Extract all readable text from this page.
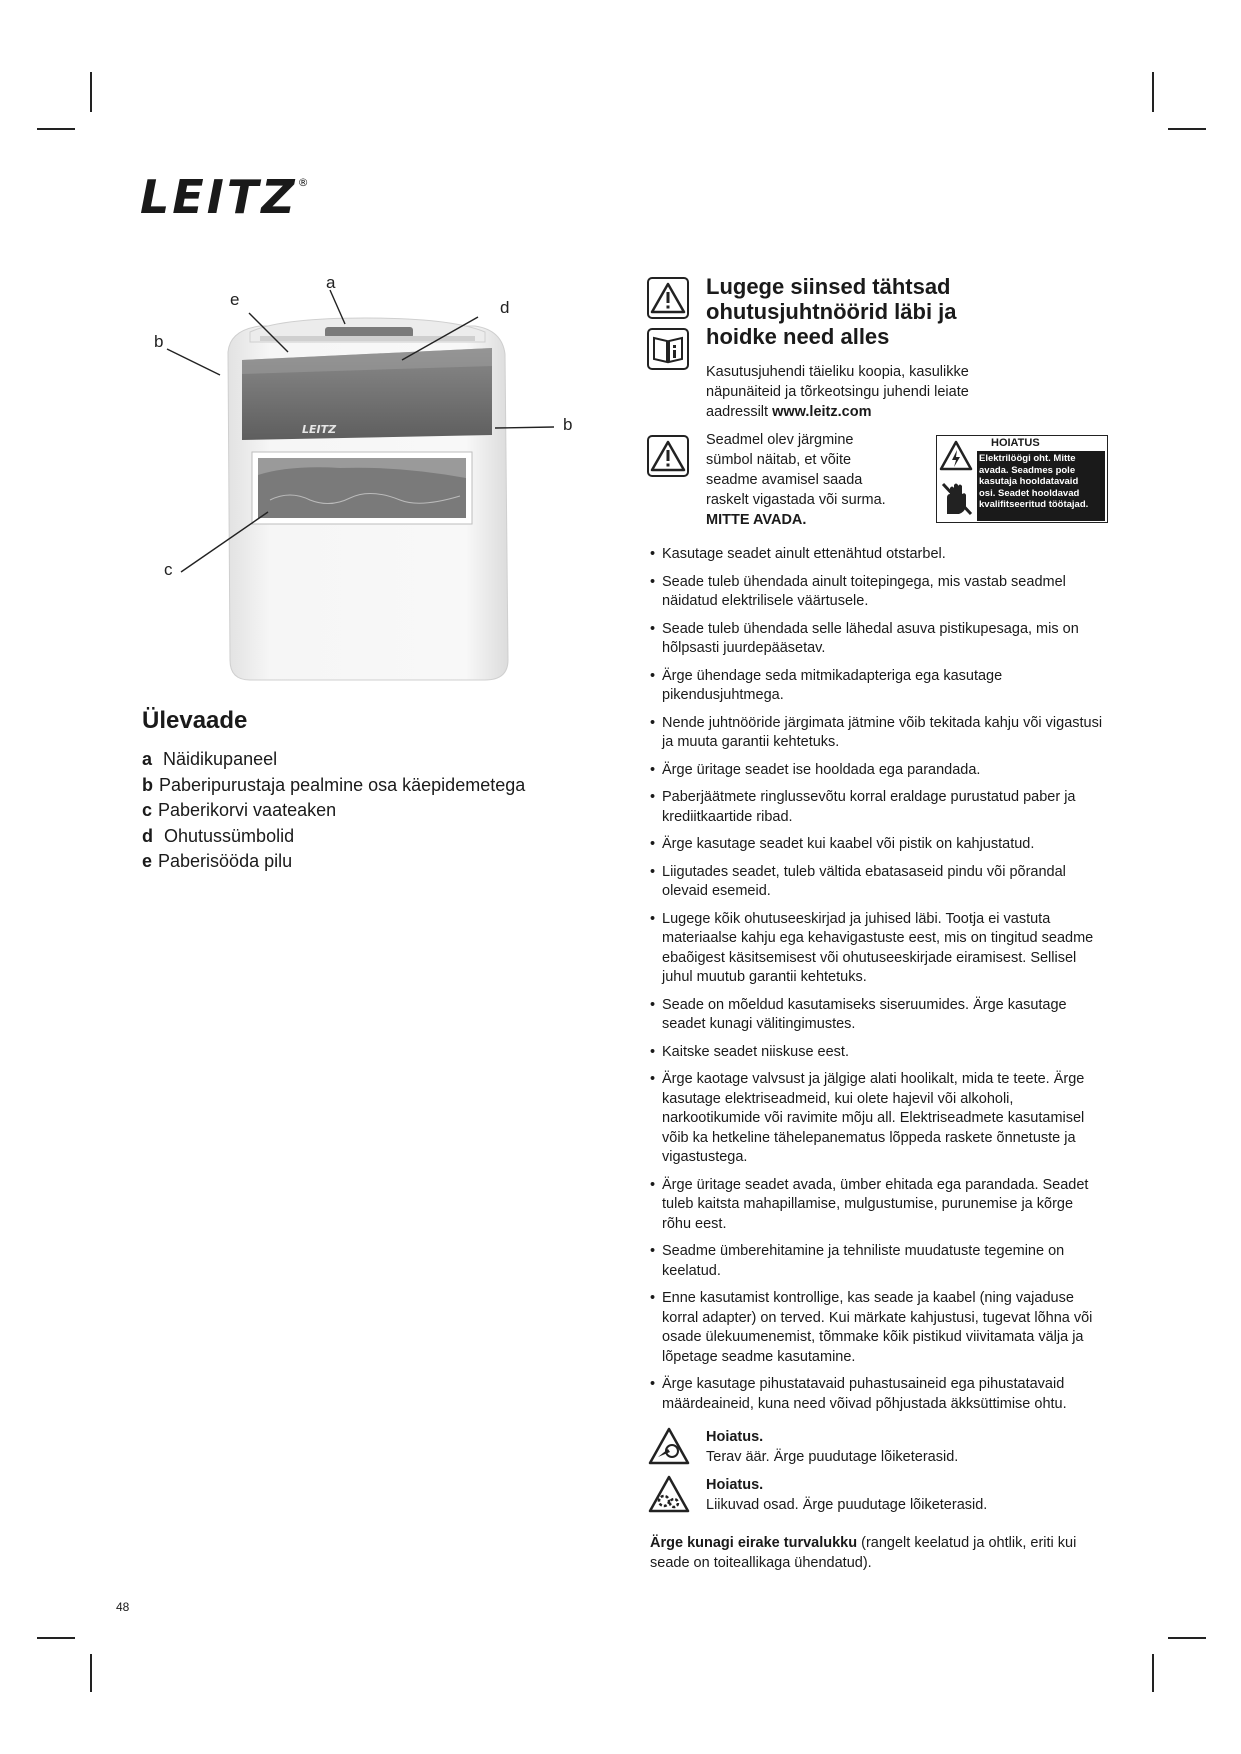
LEITZ®
LEITZ
a
e	d
b
b
c
Ülevaade
a Näidikupaneel
b Paberipurustaja pealmine osa käepidemetega
c Paberikorvi vaateaken
d Ohutussümbolid
e Paberisööda pilu
Lugege siinsed tähtsad
ohutusjuhtnöörid läbi ja
hoidke need alles
Kasutusjuhendi täieliku koopia, kasulikke
näpunäiteid ja tõrkeotsingu juhendi leiate
aadressilt www.leitz.com
Seadmel olev järgmine
sümbol näitab, et võite
seadme avamisel saada
raskelt vigastada või surma.
MITTE AVADA.
HOIATUS
Elektrilöögi oht. Mitte
avada. Seadmes pole
kasutaja hooldatavaid
osi. Seadet hooldavad
kvalifitseeritud töötajad.
• Kasutage seadet ainult ettenähtud otstarbel.
• Seade tuleb ühendada ainult toitepingega, mis vastab seadmel näidatud elektrilisele väärtusele.
• Seade tuleb ühendada selle lähedal asuva pistikupesaga, mis on hõlpsasti juurdepääsetav.
• Ärge ühendage seda mitmikadapteriga ega kasutage pikendusjuhtmega.
• Nende juhtnööride järgimata jätmine võib tekitada kahju või vigastusi ja muuta garantii kehtetuks.
• Ärge üritage seadet ise hooldada ega parandada.
• Paberjäätmete ringlussevõtu korral eraldage purustatud paber ja krediitkaartide ribad.
• Ärge kasutage seadet kui kaabel või pistik on kahjustatud.
• Liigutades seadet, tuleb vältida ebatasaseid pindu või põrandal olevaid esemeid.
• Lugege kõik ohutuseeskirjad ja juhised läbi. Tootja ei vastuta materiaalse kahju ega kehavigastuste eest, mis on tingitud seadme ebaõigest käsitsemisest või ohutuseeskirjade eiramisest. Sellisel juhul muutub garantii kehtetuks.
• Seade on mõeldud kasutamiseks siseruumides. Ärge kasutage seadet kunagi välitingimustes.
• Kaitske seadet niiskuse eest.
• Ärge kaotage valvsust ja jälgige alati hoolikalt, mida te teete. Ärge kasutage elektriseadmeid, kui olete hajevil või alkoholi, narkootikumide või ravimite mõju all. Elektriseadmete kasutamisel võib ka hetkeline tähelepanematus lõppeda raskete õnnetuste ja vigastustega.
• Ärge üritage seadet avada, ümber ehitada ega parandada. Seadet tuleb kaitsta mahapillamise, mulgustumise, purunemise ja kõrge rõhu eest.
• Seadme ümberehitamine ja tehniliste muudatuste tegemine on keelatud.
• Enne kasutamist kontrollige, kas seade ja kaabel (ning vajaduse korral adapter) on terved. Kui märkate kahjustusi, tugevat lõhna või osade ülekuumenemist, tõmmake kõik pistikud viivitamata välja ja lõpetage seadme kasutamine.
• Ärge kasutage pihustatavaid puhastusaineid ega pihustatavaid määrdeaineid, kuna need võivad põhjustada äkksüttimise ohtu.
Hoiatus.
Terav äär. Ärge puudutage lõiketerasid.
Hoiatus.
Liikuvad osad. Ärge puudutage lõiketerasid.
Ärge kunagi eirake turvalukku (rangelt keelatud ja ohtlik, eriti kui seade on toiteallikaga ühendatud).
48
